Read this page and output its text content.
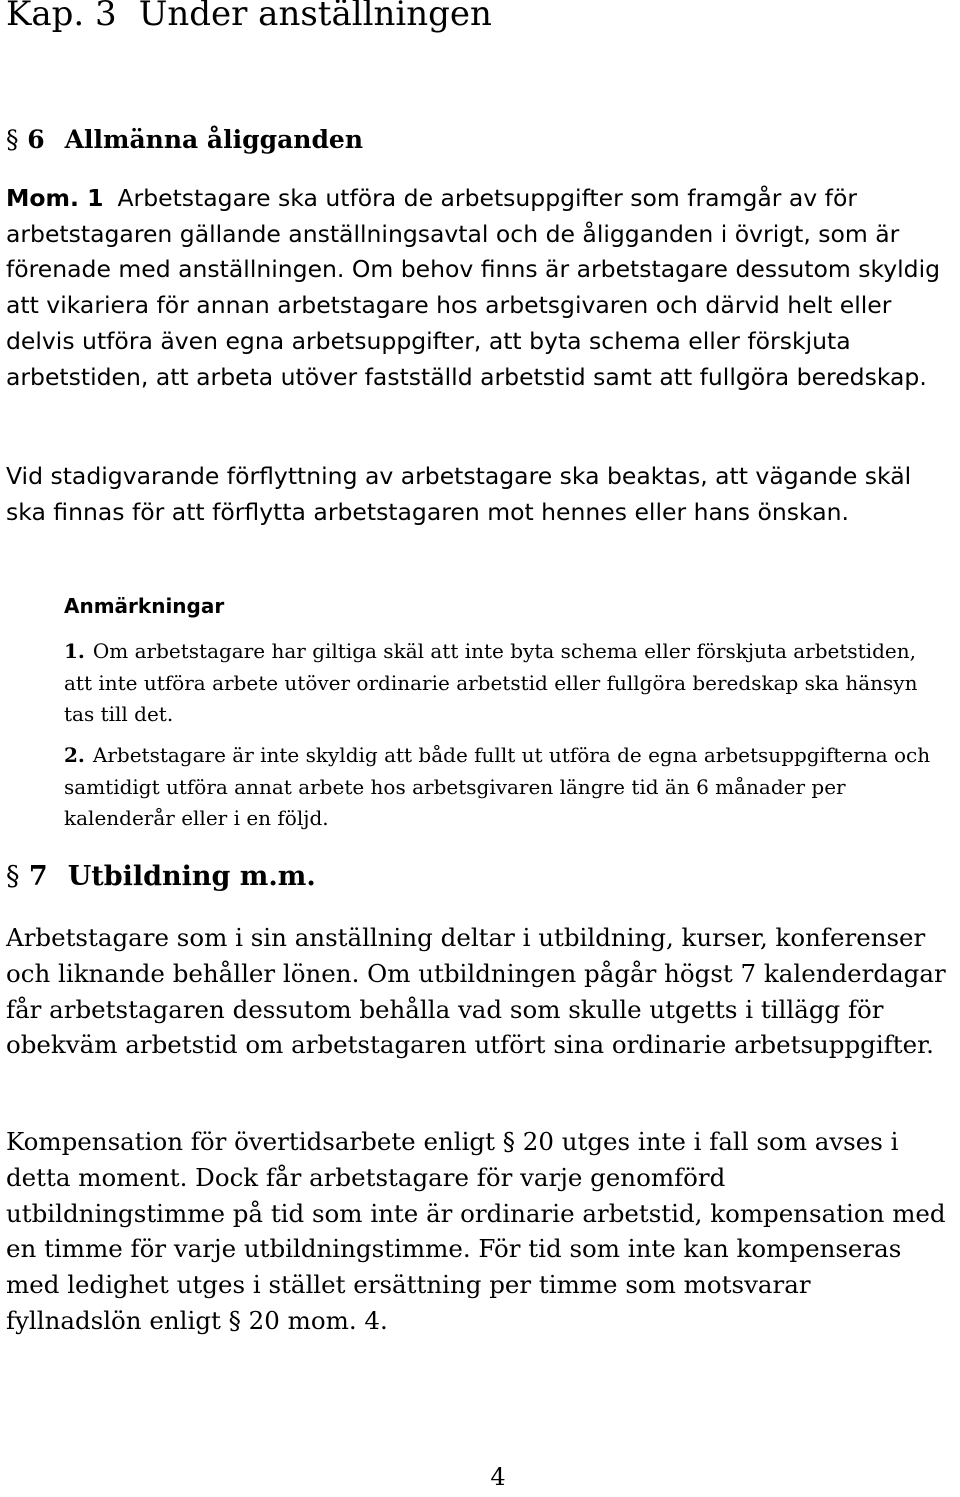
Kap. 3 Under anställningen
§ 6 Allmänna åligganden

Mom. 1 Arbetstagare ska utföra de arbetsuppgifter som framgår av för arbetstagaren gällande anställningsavtal och de åligganden i övrigt, som är förenade med anställningen. Om behov finns är arbetstagare dessutom skyldig att vikariera för annan arbetstagare hos arbetsgivaren och därvid helt eller delvis utföra även egna arbetsuppgifter, att byta schema eller förskjuta arbetstiden, att arbeta utöver fastställd arbetstid samt att fullgöra beredskap.

Vid stadigvarande förflyttning av arbetstagare ska beaktas, att vägande skäl ska finnas för att förflytta arbetstagaren mot hennes eller hans önskan.

Anmärkningar

1. Om arbetstagare har giltiga skäl att inte byta schema eller förskjuta arbetstiden, att inte utföra arbete utöver ordinarie arbetstid eller fullgöra beredskap ska hänsyn tas till det.

2. Arbetstagare är inte skyldig att både fullt ut utföra de egna arbetsuppgifterna och samtidigt utföra annat arbete hos arbetsgivaren längre tid än 6 månader per kalenderår eller i en följd.

§ 7 Utbildning m.m.

Arbetstagare som i sin anställning deltar i utbildning, kurser, konferenser och liknande behåller lönen. Om utbildningen pågår högst 7 kalenderdagar får arbetstagaren dessutom behålla vad som skulle utgetts i tillägg för obekväm arbetstid om arbetstagaren utfört sina ordinarie arbetsuppgifter.

Kompensation för övertidsarbete enligt § 20 utges inte i fall som avses i detta moment. Dock får arbetstagare för varje genomförd utbildningstimme på tid som inte är ordinarie arbetstid, kompensation med en timme för varje utbildningstimme. För tid som inte kan kompenseras med ledighet utges i stället ersättning per timme som motsvarar fyllnadslön enligt § 20 mom. 4.

4
